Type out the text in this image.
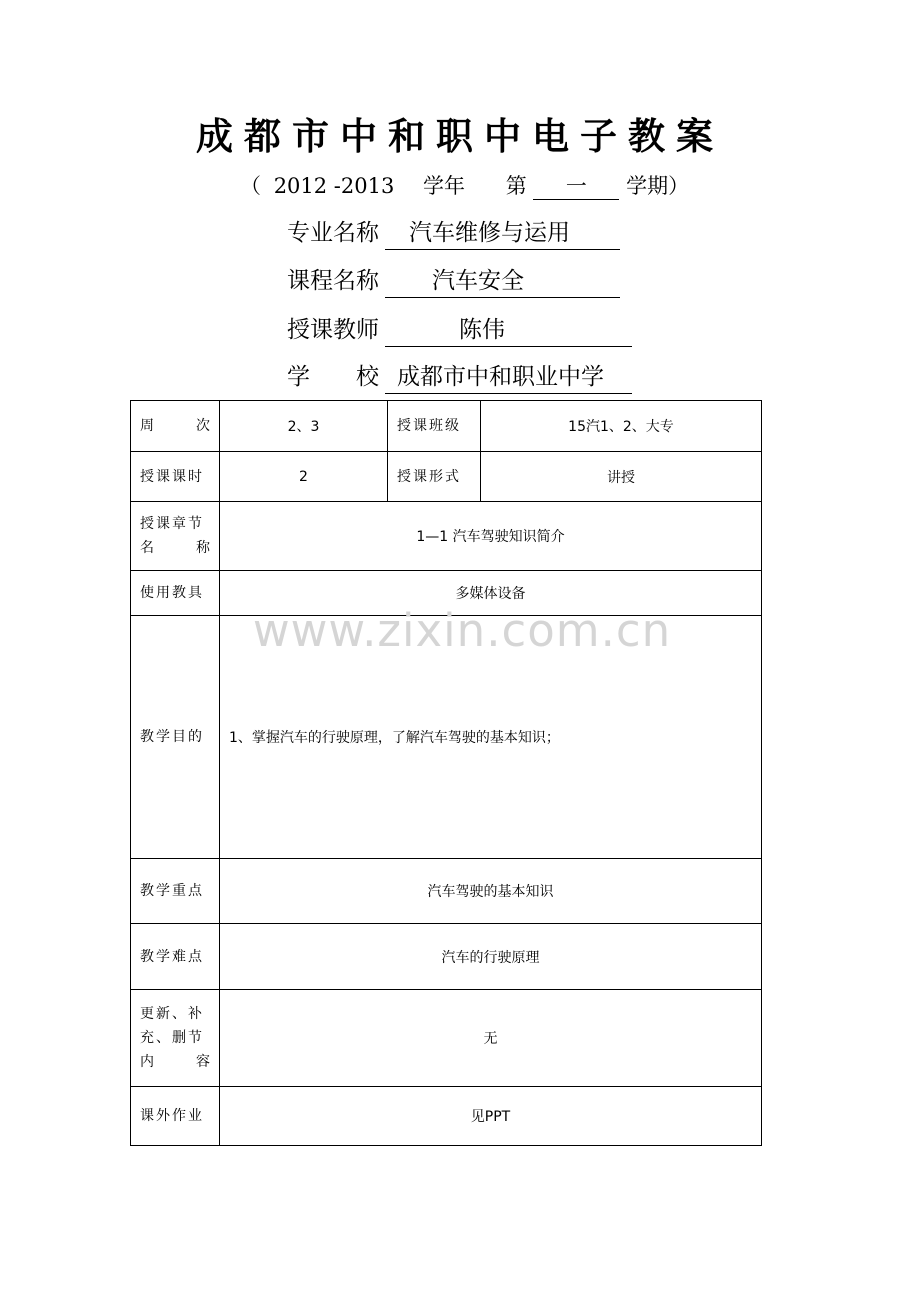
成都市中和职中电子教案
（ 2012 -2013 学年 第 一 学期）
专业名称 汽车维修与运用
课程名称 汽车安全
授课教师	陈伟
学　　校 成都市中和职业中学
周 次	2、3	授课班级	15汽1、2、大专
授课课时	2	授课形式	讲授

授课章节
名 称	1—1 汽车驾驶知识简介		
使用教具	多媒体设备		
教学目的	1、掌握汽车的行驶原理，了解汽车驾驶的基本知识；		
教学重点	汽车驾驶的基本知识		
教学难点	汽车的行驶原理		

更新、补
充、删节
内 容	无		
课外作业	见PPT		
www.zixin.com.cn
